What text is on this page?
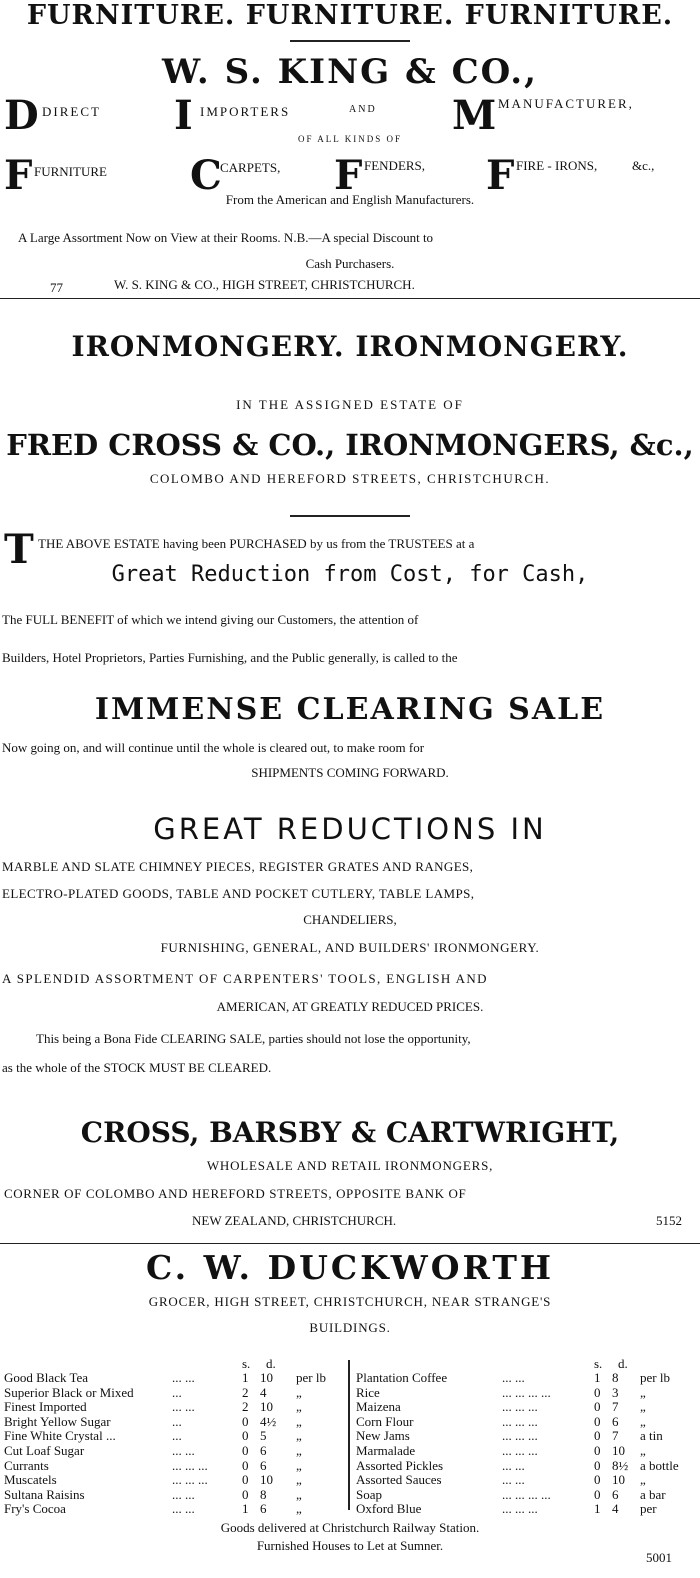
FURNITURE. FURNITURE. FURNITURE.
W. S. KING & CO.,
D DIRECT I IMPORTERS	AND M MANUFACTURER,
OF ALL KINDS OF
F FURNITURE C
CARPETS, F FENDERS, F FIRE - IRONS,	&c.,
From the American and English Manufacturers.
A Large Assortment Now on View at their Rooms. N.B.—A special Discount to
Cash Purchasers.
77	W. S. KING & CO., HIGH STREET, CHRISTCHURCH.
IRONMONGERY. IRONMONGERY.
IN THE ASSIGNED ESTATE OF
FRED CROSS & CO., IRONMONGERS, &c.,
COLOMBO AND HEREFORD STREETS, CHRISTCHURCH.
T THE ABOVE ESTATE having been PURCHASED by us from the TRUSTEES at a
Great Reduction from Cost, for Cash,
The FULL BENEFIT of which we intend giving our Customers, the attention of
Builders, Hotel Proprietors, Parties Furnishing, and the Public generally, is called to the
IMMENSE CLEARING SALE
Now going on, and will continue until the whole is cleared out, to make room for
SHIPMENTS COMING FORWARD.
GREAT REDUCTIONS IN
MARBLE AND SLATE CHIMNEY PIECES, REGISTER GRATES AND RANGES,
ELECTRO-PLATED GOODS, TABLE AND POCKET CUTLERY, TABLE LAMPS,
CHANDELIERS,
FURNISHING, GENERAL, AND BUILDERS' IRONMONGERY.
A SPLENDID ASSORTMENT OF CARPENTERS' TOOLS, ENGLISH AND
AMERICAN, AT GREATLY REDUCED PRICES.
This being a Bona Fide CLEARING SALE, parties should not lose the opportunity,
as the whole of the STOCK MUST BE CLEARED.
CROSS, BARSBY & CARTWRIGHT,
WHOLESALE AND RETAIL IRONMONGERS,
CORNER OF COLOMBO AND HEREFORD STREETS, OPPOSITE BANK OF
NEW ZEALAND, CHRISTCHURCH.	5152
C. W. DUCKWORTH
GROCER, HIGH STREET, CHRISTCHURCH, NEAR STRANGE'S
BUILDINGS.
s. d.
Good Black Tea	... ...	1 10 per lb
Superior Black or Mixed	...	2 4 „
Finest Imported	... ...	2 10 „
Bright Yellow Sugar	...	0 4½ „
Fine White Crystal ...	...	0 5 „
Cut Loaf Sugar	... ...	0 6 „
Currants	... ... ...	0 6 „
Muscatels	... ... ...	0 10 „
Sultana Raisins	... ...	0 8 „
Fry's Cocoa	... ...	1 6 „
s. d.
Plantation Coffee	... ...	1 8 per lb
Rice	... ... ... ...	0 3 „
Maizena	... ... ...	0 7 „
Corn Flour	... ... ...	0 6 „
New Jams	... ... ...	0 7 a tin
Marmalade	... ... ...	0 10 „
Assorted Pickles	... ...	0 8½ a bottle
Assorted Sauces	... ...	0 10 „
Soap	... ... ... ...	0 6 a bar
Oxford Blue	... ... ...	1 4 per
Goods delivered at Christchurch Railway Station.
Furnished Houses to Let at Sumner.
5001
